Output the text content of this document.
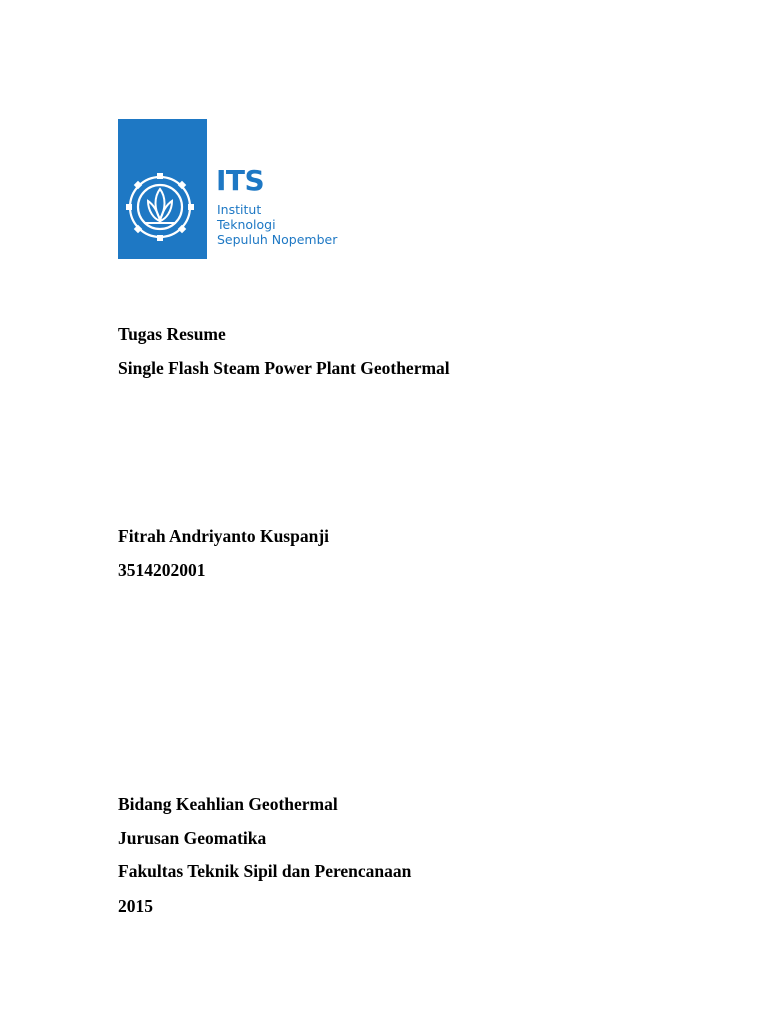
ITS
Institut
Teknologi
Sepuluh Nopember
Tugas Resume
Single Flash Steam Power Plant Geothermal
Fitrah Andriyanto Kuspanji
3514202001
Bidang Keahlian Geothermal
Jurusan Geomatika
Fakultas Teknik Sipil dan Perencanaan
2015
